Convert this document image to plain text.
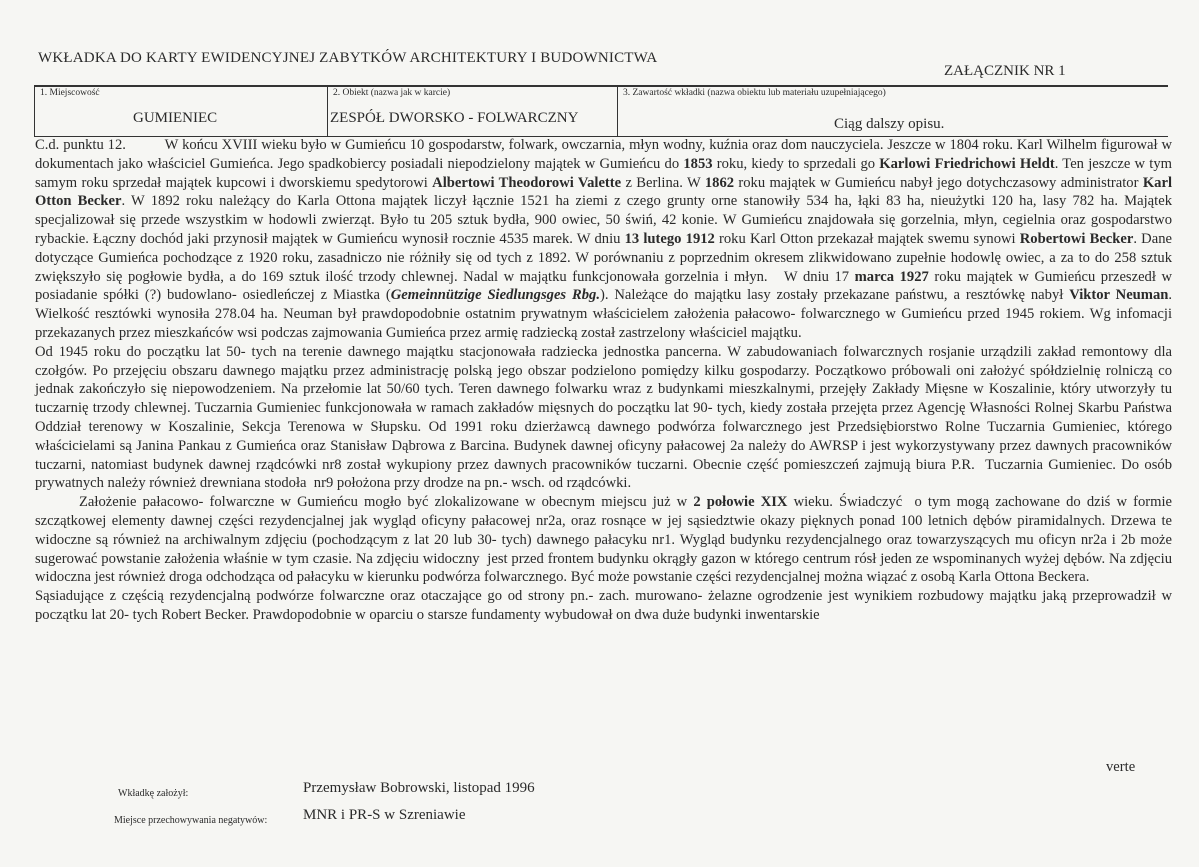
WKŁADKA DO KARTY EWIDENCYJNEJ ZABYTKÓW ARCHITEKTURY I BUDOWNICTWA
ZAŁĄCZNIK NR 1
1. Miejscowość
GUMIENIEC
2. Obiekt (nazwa jak w karcie)
ZESPÓŁ DWORSKO - FOLWARCZNY
3. Zawartość wkładki (nazwa obiektu lub materiału uzupełniającego)
Ciąg dalszy opisu.

C.d. punktu 12.          W końcu XVIII wieku było w Gumieńcu 10 gospodarstw, folwark, owczarnia, młyn wodny, kuźnia oraz dom nauczyciela. Jeszcze w 1804 roku. Karl Wilhelm figurował w dokumentach jako właściciel Gumieńca. Jego spadkobiercy posiadali niepodzielony majątek w Gumieńcu do 1853 roku, kiedy to sprzedali go Karlowi Friedrichowi Heldt. Ten jeszcze w tym samym roku sprzedał majątek kupcowi i dworskiemu spedytorowi Albertowi Theodorowi Valette z Berlina. W 1862 roku majątek w Gumieńcu nabył jego dotychczasowy administrator Karl Otton Becker. W 1892 roku należący do Karla Ottona majątek liczył łącznie 1521 ha ziemi z czego grunty orne stanowiły 534 ha, łąki 83 ha, nieużytki 120 ha, lasy 782 ha. Majątek specjalizował się przede wszystkim w hodowli zwierząt. Było tu 205 sztuk bydła, 900 owiec, 50 świń, 42 konie. W Gumieńcu znajdowała się gorzelnia, młyn, cegielnia oraz gospodarstwo rybackie. Łączny dochód jaki przynosił majątek w Gumieńcu wynosił rocznie 4535 marek. W dniu 13 lutego 1912 roku Karl Otton przekazał majątek swemu synowi Robertowi Becker. Dane dotyczące Gumieńca pochodzące z 1920 roku, zasadniczo nie różniły się od tych z 1892. W porównaniu z poprzednim okresem zlikwidowano zupełnie hodowlę owiec, a za to do 258 sztuk zwiększyło się pogłowie bydła, a do 169 sztuk ilość trzody chlewnej. Nadal w majątku funkcjonowała gorzelnia i młyn.   W dniu 17 marca 1927 roku majątek w Gumieńcu przeszedł w posiadanie spółki (?) budowlano- osiedleńczej z Miastka (Gemeinnützige Siedlungsges Rbg.). Należące do majątku lasy zostały przekazane państwu, a resztówkę nabył Viktor Neuman. Wielkość resztówki wynosiła 278.04 ha. Neuman był prawdopodobnie ostatnim prywatnym właścicielem założenia pałacowo- folwarcznego w Gumieńcu przed 1945 rokiem. Wg infomacji przekazanych przez mieszkańców wsi podczas zajmowania Gumieńca przez armię radziecką został zastrzelony właściciel majątku.

Od 1945 roku do początku lat 50- tych na terenie dawnego majątku stacjonowała radziecka jednostka pancerna. W zabudowaniach folwarcznych rosjanie urządzili zakład remontowy dla czołgów. Po przejęciu obszaru dawnego majątku przez administrację polską jego obszar podzielono pomiędzy kilku gospodarzy. Początkowo próbowali oni założyć spółdzielnię rolniczą co jednak zakończyło się niepowodzeniem. Na przełomie lat 50/60 tych. Teren dawnego folwarku wraz z budynkami mieszkalnymi, przejęły Zakłady Mięsne w Koszalinie, który utworzyły tu tuczarnię trzody chlewnej. Tuczarnia Gumieniec funkcjonowała w ramach zakładów mięsnych do początku lat 90- tych, kiedy została przejęta przez Agencję Własności Rolnej Skarbu Państwa Oddział terenowy w Koszalinie, Sekcja Terenowa w Słupsku. Od 1991 roku dzierżawcą dawnego podwórza folwarcznego jest Przedsiębiorstwo Rolne Tuczarnia Gumieniec, którego właścicielami są Janina Pankau z Gumieńca oraz Stanisław Dąbrowa z Barcina. Budynek dawnej oficyny pałacowej 2a należy do AWRSP i jest wykorzystywany przez dawnych pracowników tuczarni, natomiast budynek dawnej rządcówki nr8 został wykupiony przez dawnych pracowników tuczarni. Obecnie część pomieszczeń zajmują biura P.R.  Tuczarnia Gumieniec. Do osób prywatnych należy również drewniana stodoła  nr9 położona przy drodze na pn.- wsch. od rządcówki.

Założenie pałacowo- folwarczne w Gumieńcu mogło być zlokalizowane w obecnym miejscu już w 2 połowie XIX wieku. Świadczyć  o tym mogą zachowane do dziś w formie szczątkowej elementy dawnej części rezydencjalnej jak wygląd oficyny pałacowej nr2a, oraz rosnące w jej sąsiedztwie okazy pięknych ponad 100 letnich dębów piramidalnych. Drzewa te widoczne są również na archiwalnym zdjęciu (pochodzącym z lat 20 lub 30- tych) dawnego pałacyku nr1. Wygląd budynku rezydencjalnego oraz towarzyszących mu oficyn nr2a i 2b może sugerować powstanie założenia właśnie w tym czasie. Na zdjęciu widoczny  jest przed frontem budynku okrągły gazon w którego centrum rósł jeden ze wspominanych wyżej dębów. Na zdjęciu widoczna jest również droga odchodząca od pałacyku w kierunku podwórza folwarcznego. Być może powstanie części rezydencjalnej można wiązać z osobą Karla Ottona Beckera.

Sąsiadujące z częścią rezydencjalną podwórze folwarczne oraz otaczające go od strony pn.- zach. murowano- żelazne ogrodzenie jest wynikiem rozbudowy majątku jaką przeprowadził w początku lat 20- tych Robert Becker. Prawdopodobnie w oparciu o starsze fundamenty wybudował on dwa duże budynki inwentarskie

verte
Wkładkę założył:	Przemysław Bobrowski, listopad 1996
Miejsce przechowywania negatywów: MNR i PR-S w Szreniawie
